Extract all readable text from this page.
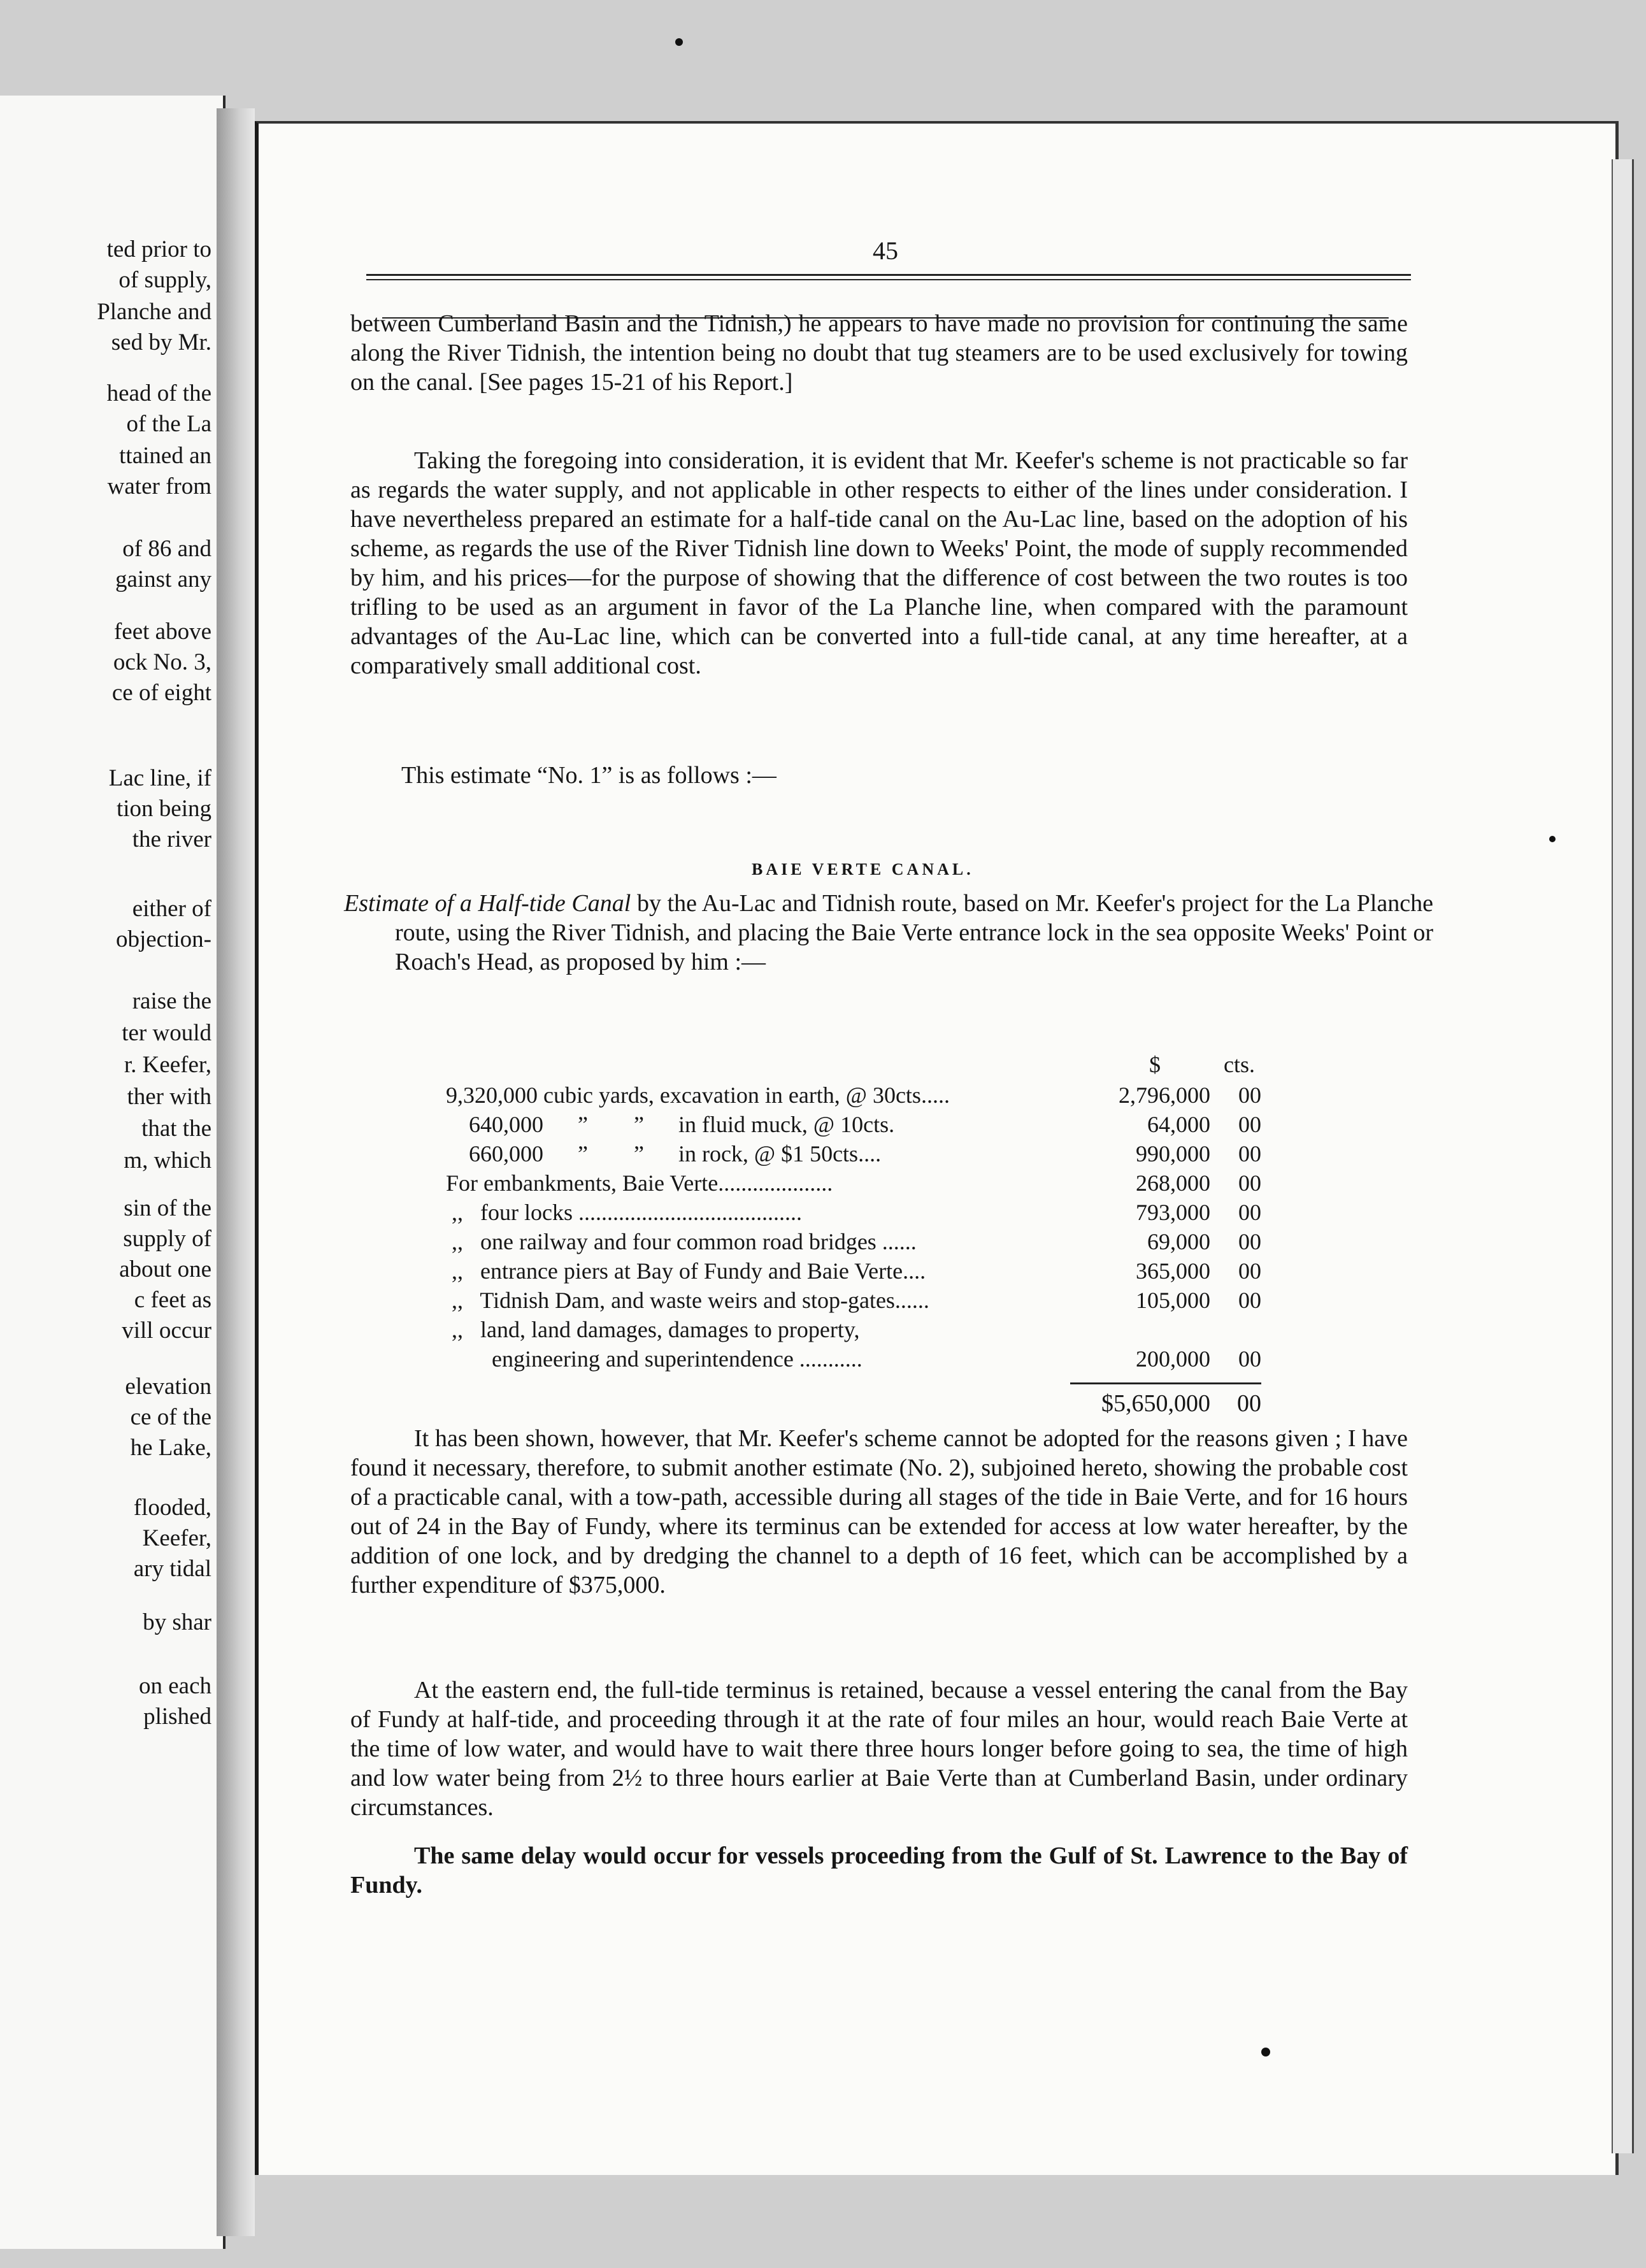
ted prior to
of supply,
Planche and
sed by Mr.
head of the
of the La
ttained an
water from
of 86 and
gainst any
feet above
ock No. 3,
ce of eight
Lac line, if
tion being
the river
either of
objection-
raise the
ter would
r. Keefer,
ther with
that the
m, which
sin of the
supply of
about one
c feet as
vill occur
elevation
ce of the
he Lake,
flooded,
Keefer,
ary tidal
by shar
on each
plished
45
between Cumberland Basin and the Tidnish,) he appears to have made no provision for continuing the same along the River Tidnish, the intention being no doubt that tug steamers are to be used exclusively for towing on the canal. [See pages 15-21 of his Report.]
Taking the foregoing into consideration, it is evident that Mr. Keefer's scheme is not practicable so far as regards the water supply, and not applicable in other respects to either of the lines under consideration. I have nevertheless prepared an estimate for a half-tide canal on the Au-Lac line, based on the adoption of his scheme, as regards the use of the River Tidnish line down to Weeks' Point, the mode of supply recommended by him, and his prices—for the purpose of showing that the difference of cost between the two routes is too trifling to be used as an argument in favor of the La Planche line, when compared with the paramount advantages of the Au-Lac line, which can be converted into a full-tide canal, at any time hereafter, at a comparatively small additional cost.
This estimate “No. 1” is as follows :—
BAIE VERTE CANAL.
Estimate of a Half-tide Canal by the Au-Lac and Tidnish route, based on Mr. Keefer's project for the La Planche route, using the River Tidnish, and placing the Baie Verte entrance lock in the sea opposite Weeks' Point or Roach's Head, as proposed by him :—
$	cts.
9,320,000 cubic yards, excavation in earth, @ 30cts.....	2,796,000	00
640,000      ”        ”      in fluid muck, @ 10cts.	64,000	00
660,000      ”        ”      in rock, @ $1 50cts....	990,000	00
For embankments, Baie Verte....................	268,000	00
,,   four locks .......................................	793,000	00
,,   one railway and four common road bridges ......	69,000	00
,,   entrance piers at Bay of Fundy and Baie Verte....	365,000	00
,,   Tidnish Dam, and waste weirs and stop-gates......	105,000	00
,,   land, land damages, damages to property,
engineering and superintendence ...........	200,000	00
$5,650,000	00
It has been shown, however, that Mr. Keefer's scheme cannot be adopted for the reasons given ; I have found it necessary, therefore, to submit another estimate (No. 2), subjoined hereto, showing the probable cost of a practicable canal, with a tow-path, accessible during all stages of the tide in Baie Verte, and for 16 hours out of 24 in the Bay of Fundy, where its terminus can be extended for access at low water hereafter, by the addition of one lock, and by dredging the channel to a depth of 16 feet, which can be accomplished by a further expenditure of $375,000.
At the eastern end, the full-tide terminus is retained, because a vessel entering the canal from the Bay of Fundy at half-tide, and proceeding through it at the rate of four miles an hour, would reach Baie Verte at the time of low water, and would have to wait there three hours longer before going to sea, the time of high and low water being from 2½ to three hours earlier at Baie Verte than at Cumberland Basin, under ordinary circumstances.
The same delay would occur for vessels proceeding from the Gulf of St. Lawrence to the Bay of Fundy.
